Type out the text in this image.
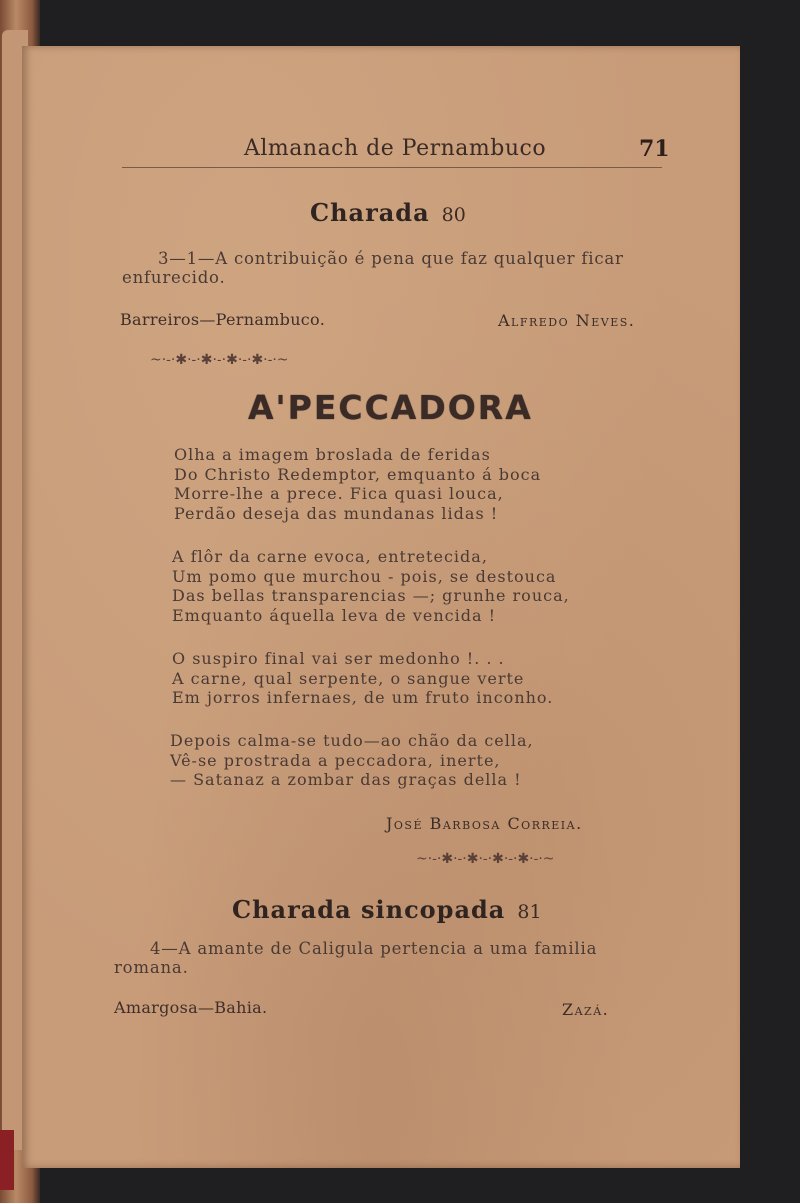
Almanach de Pernambuco	71
Charada 80
3—1—A contribuição é pena que faz qualquer ficar
enfurecido.
Barreiros—Pernambuco.	Alfredo Neves.
~·-·✱·-·✱·-·✱·-·✱·-·~
A'PECCADORA
Olha a imagem broslada de feridas
Do Christo Redemptor, emquanto á boca
Morre-lhe a prece. Fica quasi louca,
Perdão deseja das mundanas lidas !
A flôr da carne evoca, entretecida,
Um pomo que murchou - pois, se destouca
Das bellas transparencias —; grunhe rouca,
Emquanto áquella leva de vencida !
O suspiro final vai ser medonho !. . .
A carne, qual serpente, o sangue verte
Em jorros infernaes, de um fruto inconho.
Depois calma-se tudo—ao chão da cella,
Vê-se prostrada a peccadora, inerte,
— Satanaz a zombar das graças della !
José Barbosa Correia.
~·-·✱·-·✱·-·✱·-·✱·-·~
Charada sincopada 81
4—A amante de Caligula pertencia a uma familia
romana.
Amargosa—Bahia.	Zazá.
